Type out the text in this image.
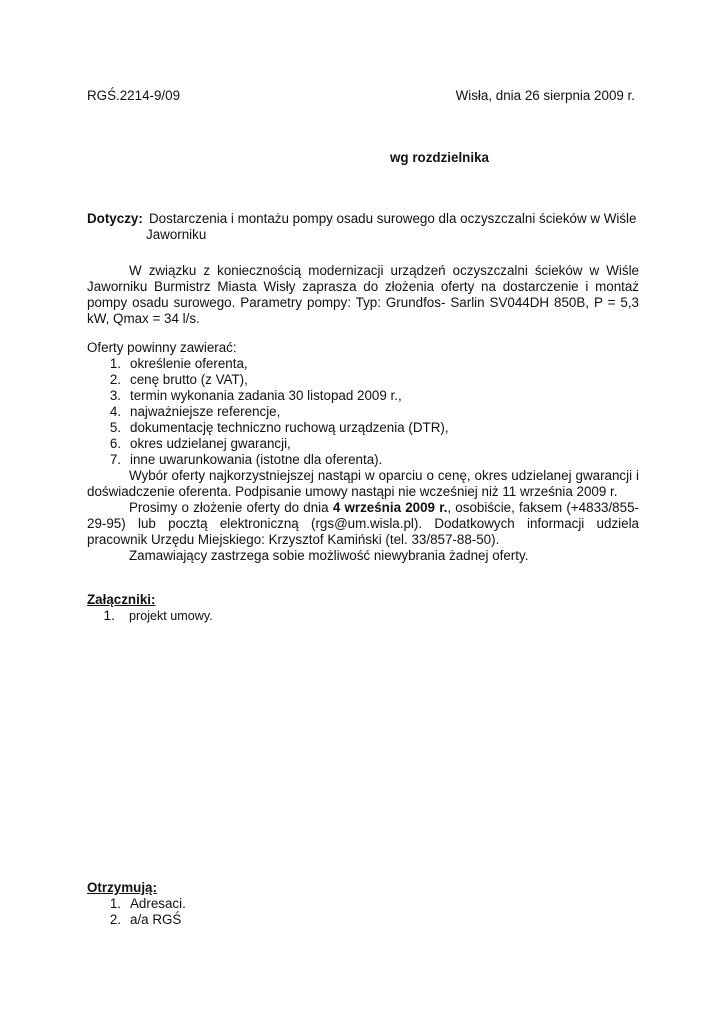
RGŚ.2214-9/09	Wisła, dnia 26 sierpnia 2009 r.
wg rozdzielnika
Dotyczy: Dostarczenia i montażu pompy osadu surowego dla oczyszczalni ścieków w Wiśle
Jaworniku
W związku z koniecznością modernizacji urządzeń oczyszczalni ścieków w Wiśle Jaworniku Burmistrz Miasta Wisły zaprasza do złożenia oferty na dostarczenie i montaż pompy osadu surowego. Parametry pompy: Typ: Grundfos- Sarlin SV044DH 850B, P = 5,3 kW, Qmax = 34 l/s.
Oferty powinny zawierać:
1. określenie oferenta,
2. cenę brutto (z VAT),
3. termin wykonania zadania 30 listopad 2009 r.,
4. najważniejsze referencje,
5. dokumentację techniczno ruchową urządzenia (DTR),
6. okres udzielanej gwarancji,
7. inne uwarunkowania (istotne dla oferenta).
Wybór oferty najkorzystniejszej nastąpi w oparciu o cenę, okres udzielanej gwarancji i doświadczenie oferenta. Podpisanie umowy nastąpi nie wcześniej niż 11 września 2009 r.
Prosimy o złożenie oferty do dnia 4 września 2009 r., osobiście, faksem (+4833/855-29-95) lub pocztą elektroniczną (rgs@um.wisla.pl). Dodatkowych informacji udziela pracownik Urzędu Miejskiego: Krzysztof Kamiński (tel. 33/857-88-50).
Zamawiający zastrzega sobie możliwość niewybrania żadnej oferty.
Załączniki:
1. projekt umowy.
Otrzymują:
1. Adresaci.
2. a/a RGŚ
